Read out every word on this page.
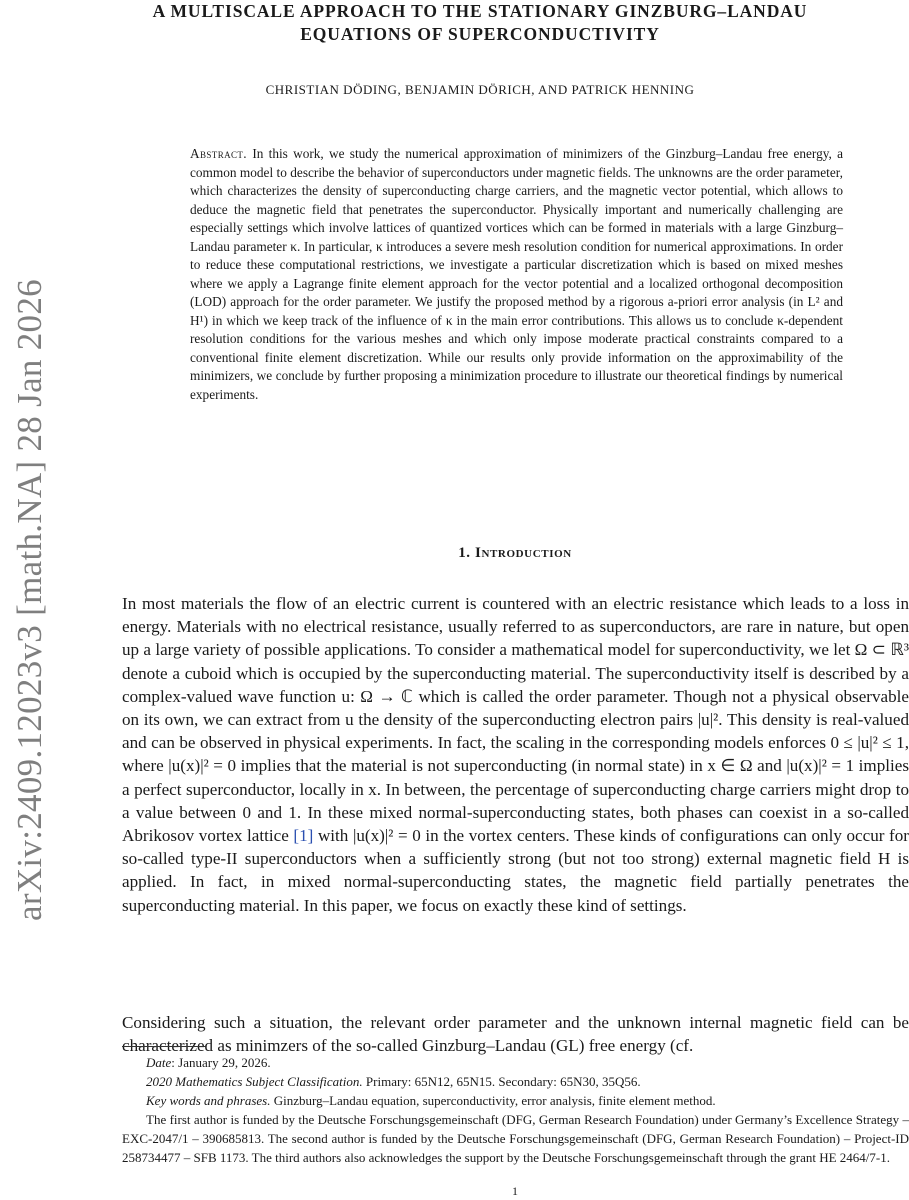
arXiv:2409.12023v3 [math.NA] 28 Jan 2026
A MULTISCALE APPROACH TO THE STATIONARY GINZBURG–LANDAU
EQUATIONS OF SUPERCONDUCTIVITY

CHRISTIAN DÖDING, BENJAMIN DÖRICH, AND PATRICK HENNING

Abstract. In this work, we study the numerical approximation of minimizers of the Ginzburg–Landau free energy, a common model to describe the behavior of superconductors under magnetic fields. The unknowns are the order parameter, which characterizes the density of superconducting charge carriers, and the magnetic vector potential, which allows to deduce the magnetic field that penetrates the superconductor. Physically important and numerically challenging are especially settings which involve lattices of quantized vortices which can be formed in materials with a large Ginzburg–Landau parameter κ. In particular, κ introduces a severe mesh resolution condition for numerical approximations. In order to reduce these computational restrictions, we investigate a particular discretization which is based on mixed meshes where we apply a Lagrange finite element approach for the vector potential and a localized orthogonal decomposition (LOD) approach for the order parameter. We justify the proposed method by a rigorous a-priori error analysis (in L² and H¹) in which we keep track of the influence of κ in the main error contributions. This allows us to conclude κ-dependent resolution conditions for the various meshes and which only impose moderate practical constraints compared to a conventional finite element discretization. While our results only provide information on the approximability of the minimizers, we conclude by further proposing a minimization procedure to illustrate our theoretical findings by numerical experiments.

1. Introduction

In most materials the flow of an electric current is countered with an electric resistance which leads to a loss in energy. Materials with no electrical resistance, usually referred to as superconductors, are rare in nature, but open up a large variety of possible applications. To consider a mathematical model for superconductivity, we let Ω ⊂ ℝ³ denote a cuboid which is occupied by the superconducting material. The superconductivity itself is described by a complex-valued wave function u: Ω → ℂ which is called the order parameter. Though not a physical observable on its own, we can extract from u the density of the superconducting electron pairs |u|². This density is real-valued and can be observed in physical experiments. In fact, the scaling in the corresponding models enforces 0 ≤ |u|² ≤ 1, where |u(x)|² = 0 implies that the material is not superconducting (in normal state) in x ∈ Ω and |u(x)|² = 1 implies a perfect superconductor, locally in x. In between, the percentage of superconducting charge carriers might drop to a value between 0 and 1. In these mixed normal-superconducting states, both phases can coexist in a so-called Abrikosov vortex lattice [1] with |u(x)|² = 0 in the vortex centers. These kinds of configurations can only occur for so-called type-II superconductors when a sufficiently strong (but not too strong) external magnetic field H is applied. In fact, in mixed normal-superconducting states, the magnetic field partially penetrates the superconducting material. In this paper, we focus on exactly these kind of settings.

Considering such a situation, the relevant order parameter and the unknown internal magnetic field can be characterized as minimzers of the so-called Ginzburg–Landau (GL) free energy (cf.

Date: January 29, 2026.

2020 Mathematics Subject Classification. Primary: 65N12, 65N15. Secondary: 65N30, 35Q56.

Key words and phrases. Ginzburg–Landau equation, superconductivity, error analysis, finite element method.

The first author is funded by the Deutsche Forschungsgemeinschaft (DFG, German Research Foundation) under Germany’s Excellence Strategy – EXC-2047/1 – 390685813. The second author is funded by the Deutsche Forschungsgemeinschaft (DFG, German Research Foundation) – Project-ID 258734477 – SFB 1173. The third authors also acknowledges the support by the Deutsche Forschungsgemeinschaft through the grant HE 2464/7-1.

1
